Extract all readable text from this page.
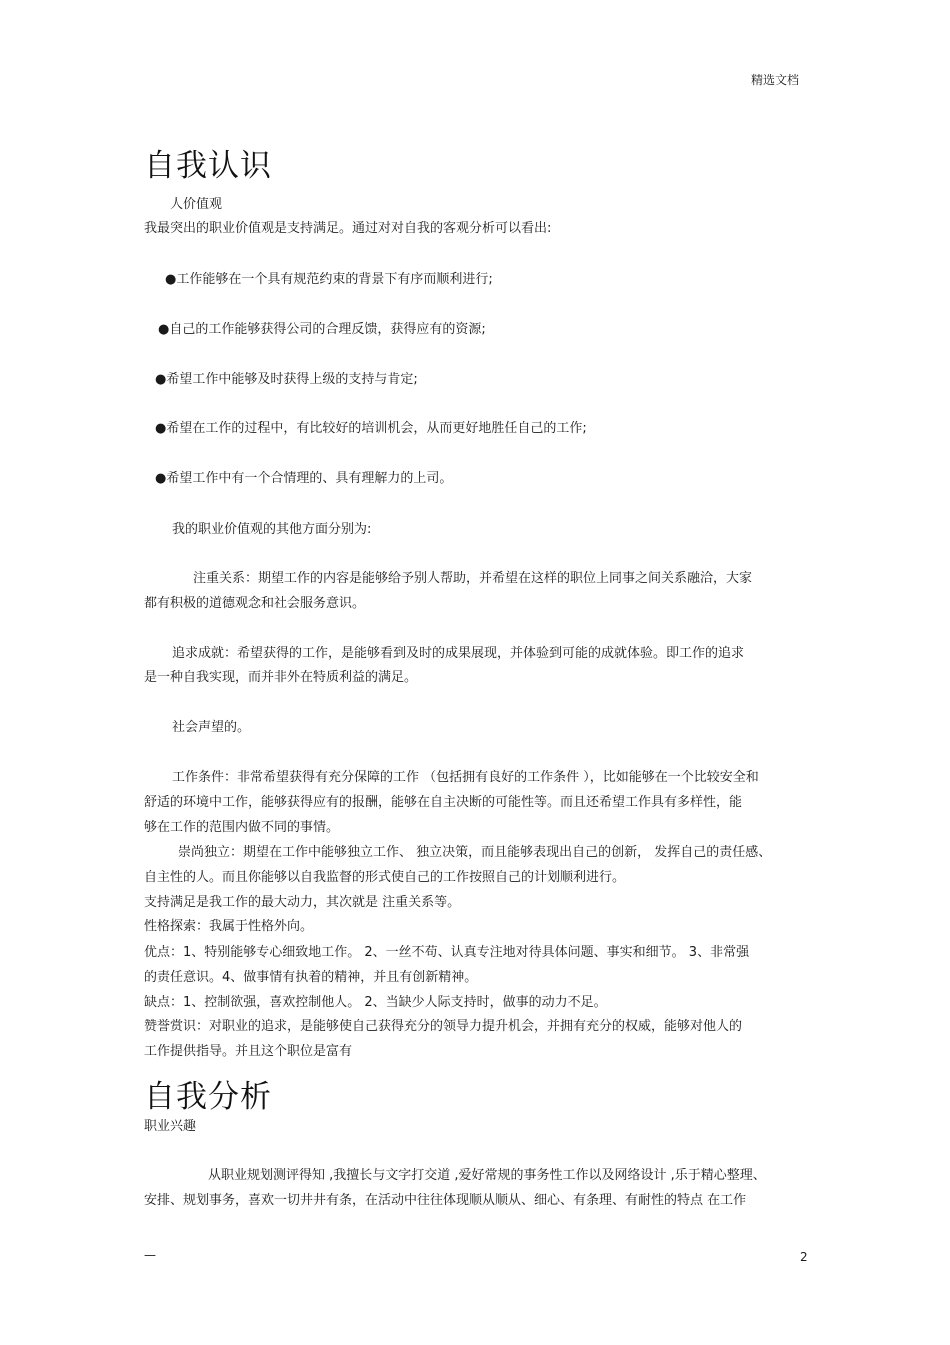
精选文档
自我认识
人价值观
我最突出的职业价值观是支持满足。通过对对自我的客观分析可以看出:
●工作能够在一个具有规范约束的背景下有序而顺利进行;
●自己的工作能够获得公司的合理反馈，获得应有的资源;
●希望工作中能够及时获得上级的支持与肯定;
●希望在工作的过程中，有比较好的培训机会，从而更好地胜任自己的工作;
●希望工作中有一个合情理的、具有理解力的上司。
我的职业价值观的其他方面分别为:
注重关系：期望工作的内容是能够给予别人帮助，并希望在这样的职位上同事之间关系融洽，大家
都有积极的道德观念和社会服务意识。
追求成就：希望获得的工作，是能够看到及时的成果展现，并体验到可能的成就体验。即工作的追求
是一种自我实现，而并非外在特质利益的满足。
社会声望的。
工作条件：非常希望获得有充分保障的工作 （包括拥有良好的工作条件 ），比如能够在一个比较安全和
舒适的环境中工作，能够获得应有的报酬，能够在自主决断的可能性等。而且还希望工作具有多样性，能
够在工作的范围内做不同的事情。
崇尚独立：期望在工作中能够独立工作、 独立决策，而且能够表现出自己的创新， 发挥自己的责任感、
自主性的人。而且你能够以自我监督的形式使自己的工作按照自己的计划顺利进行。
支持满足是我工作的最大动力，其次就是 注重关系等。
性格探索：我属于性格外向。
优点：1、特别能够专心细致地工作。 2、一丝不苟、认真专注地对待具体问题、事实和细节。 3、非常强
的责任意识。4、做事情有执着的精神，并且有创新精神。
缺点：1、控制欲强，喜欢控制他人。 2、当缺少人际支持时，做事的动力不足。
赞誉赏识：对职业的追求，是能够使自己获得充分的领导力提升机会，并拥有充分的权威，能够对他人的
工作提供指导。并且这个职位是富有
自我分析
职业兴趣
从职业规划测评得知 ,我擅长与文字打交道 ,爱好常规的事务性工作以及网络设计 ,乐于精心整理、
安排、规划事务，喜欢一切井井有条，在活动中往往体现顺从顺从、细心、有条理、有耐性的特点 在工作
—	2
